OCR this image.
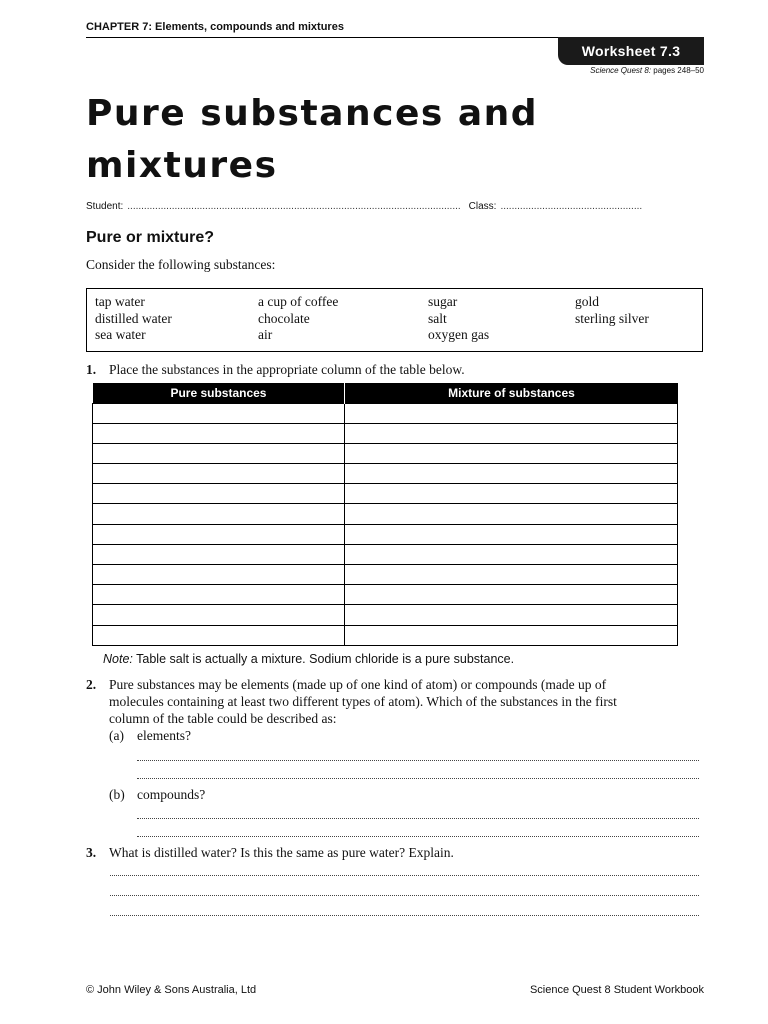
CHAPTER 7: Elements, compounds and mixtures
Worksheet 7.3
Science Quest 8: pages 248–50
Pure substances and mixtures
Student: ........................................................................................................................ Class: ...................................................
Pure or mixture?
Consider the following substances:
tap water	a cup of coffee	sugar	gold
distilled water	chocolate	salt	sterling silver
sea water	air	oxygen gas
1. Place the substances in the appropriate column of the table below.
Pure substances	Mixture of substances

Note: Table salt is actually a mixture. Sodium chloride is a pure substance.
2. Pure substances may be elements (made up of one kind of atom) or compounds (made up of
molecules containing at least two different types of atom). Which of the substances in the first
column of the table could be described as:
(a) elements?
(b) compounds?
3. What is distilled water? Is this the same as pure water? Explain.
© John Wiley & Sons Australia, Ltd	Science Quest 8 Student Workbook
